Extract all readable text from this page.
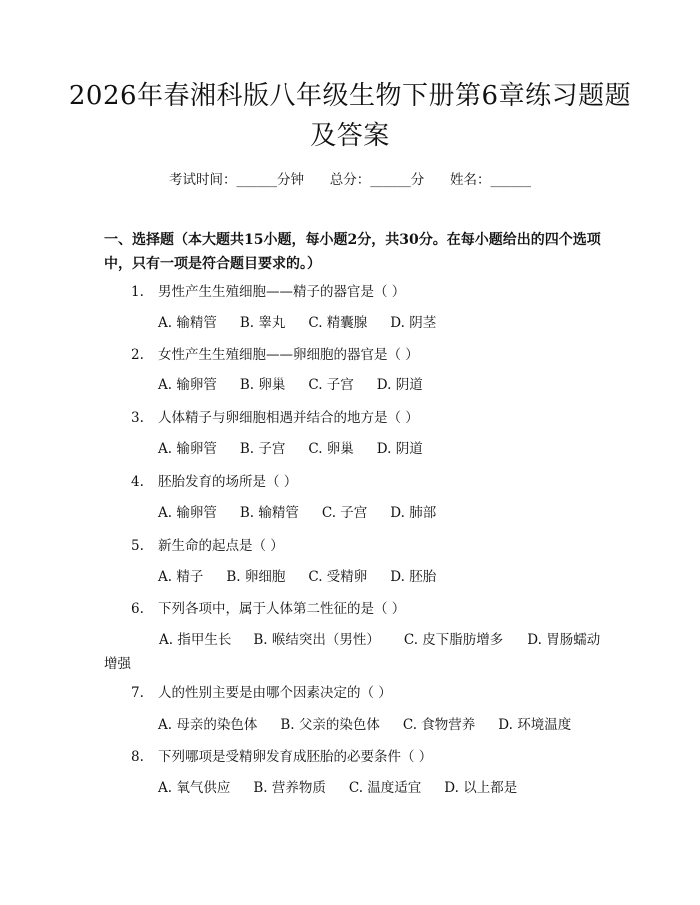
2026年春湘科版八年级生物下册第6章练习题题及答案
考试时间：______分钟 总分：______分 姓名：______

一、选择题（本大题共15小题，每小题2分，共30分。在每小题给出的四个选项中，只有一项是符合题目要求的。）

1. 男性产生生殖细胞——精子的器官是（ ）
A. 输精管 B. 睾丸 C. 精囊腺 D. 阴茎
2. 女性产生生殖细胞——卵细胞的器官是（ ）
A. 输卵管 B. 卵巢 C. 子宫 D. 阴道
3. 人体精子与卵细胞相遇并结合的地方是（ ）
A. 输卵管 B. 子宫 C. 卵巢 D. 阴道
4. 胚胎发育的场所是（ ）
A. 输卵管 B. 输精管 C. 子宫 D. 肺部
5. 新生命的起点是（ ）
A. 精子 B. 卵细胞 C. 受精卵 D. 胚胎
6. 下列各项中，属于人体第二性征的是（ ）
A. 指甲生长 B. 喉结突出（男性） C. 皮下脂肪增多 D. 胃肠蠕动增强
7. 人的性别主要是由哪个因素决定的（ ）
A. 母亲的染色体 B. 父亲的染色体 C. 食物营养 D. 环境温度
8. 下列哪项是受精卵发育成胚胎的必要条件（ ）
A. 氧气供应 B. 营养物质 C. 温度适宜 D. 以上都是
